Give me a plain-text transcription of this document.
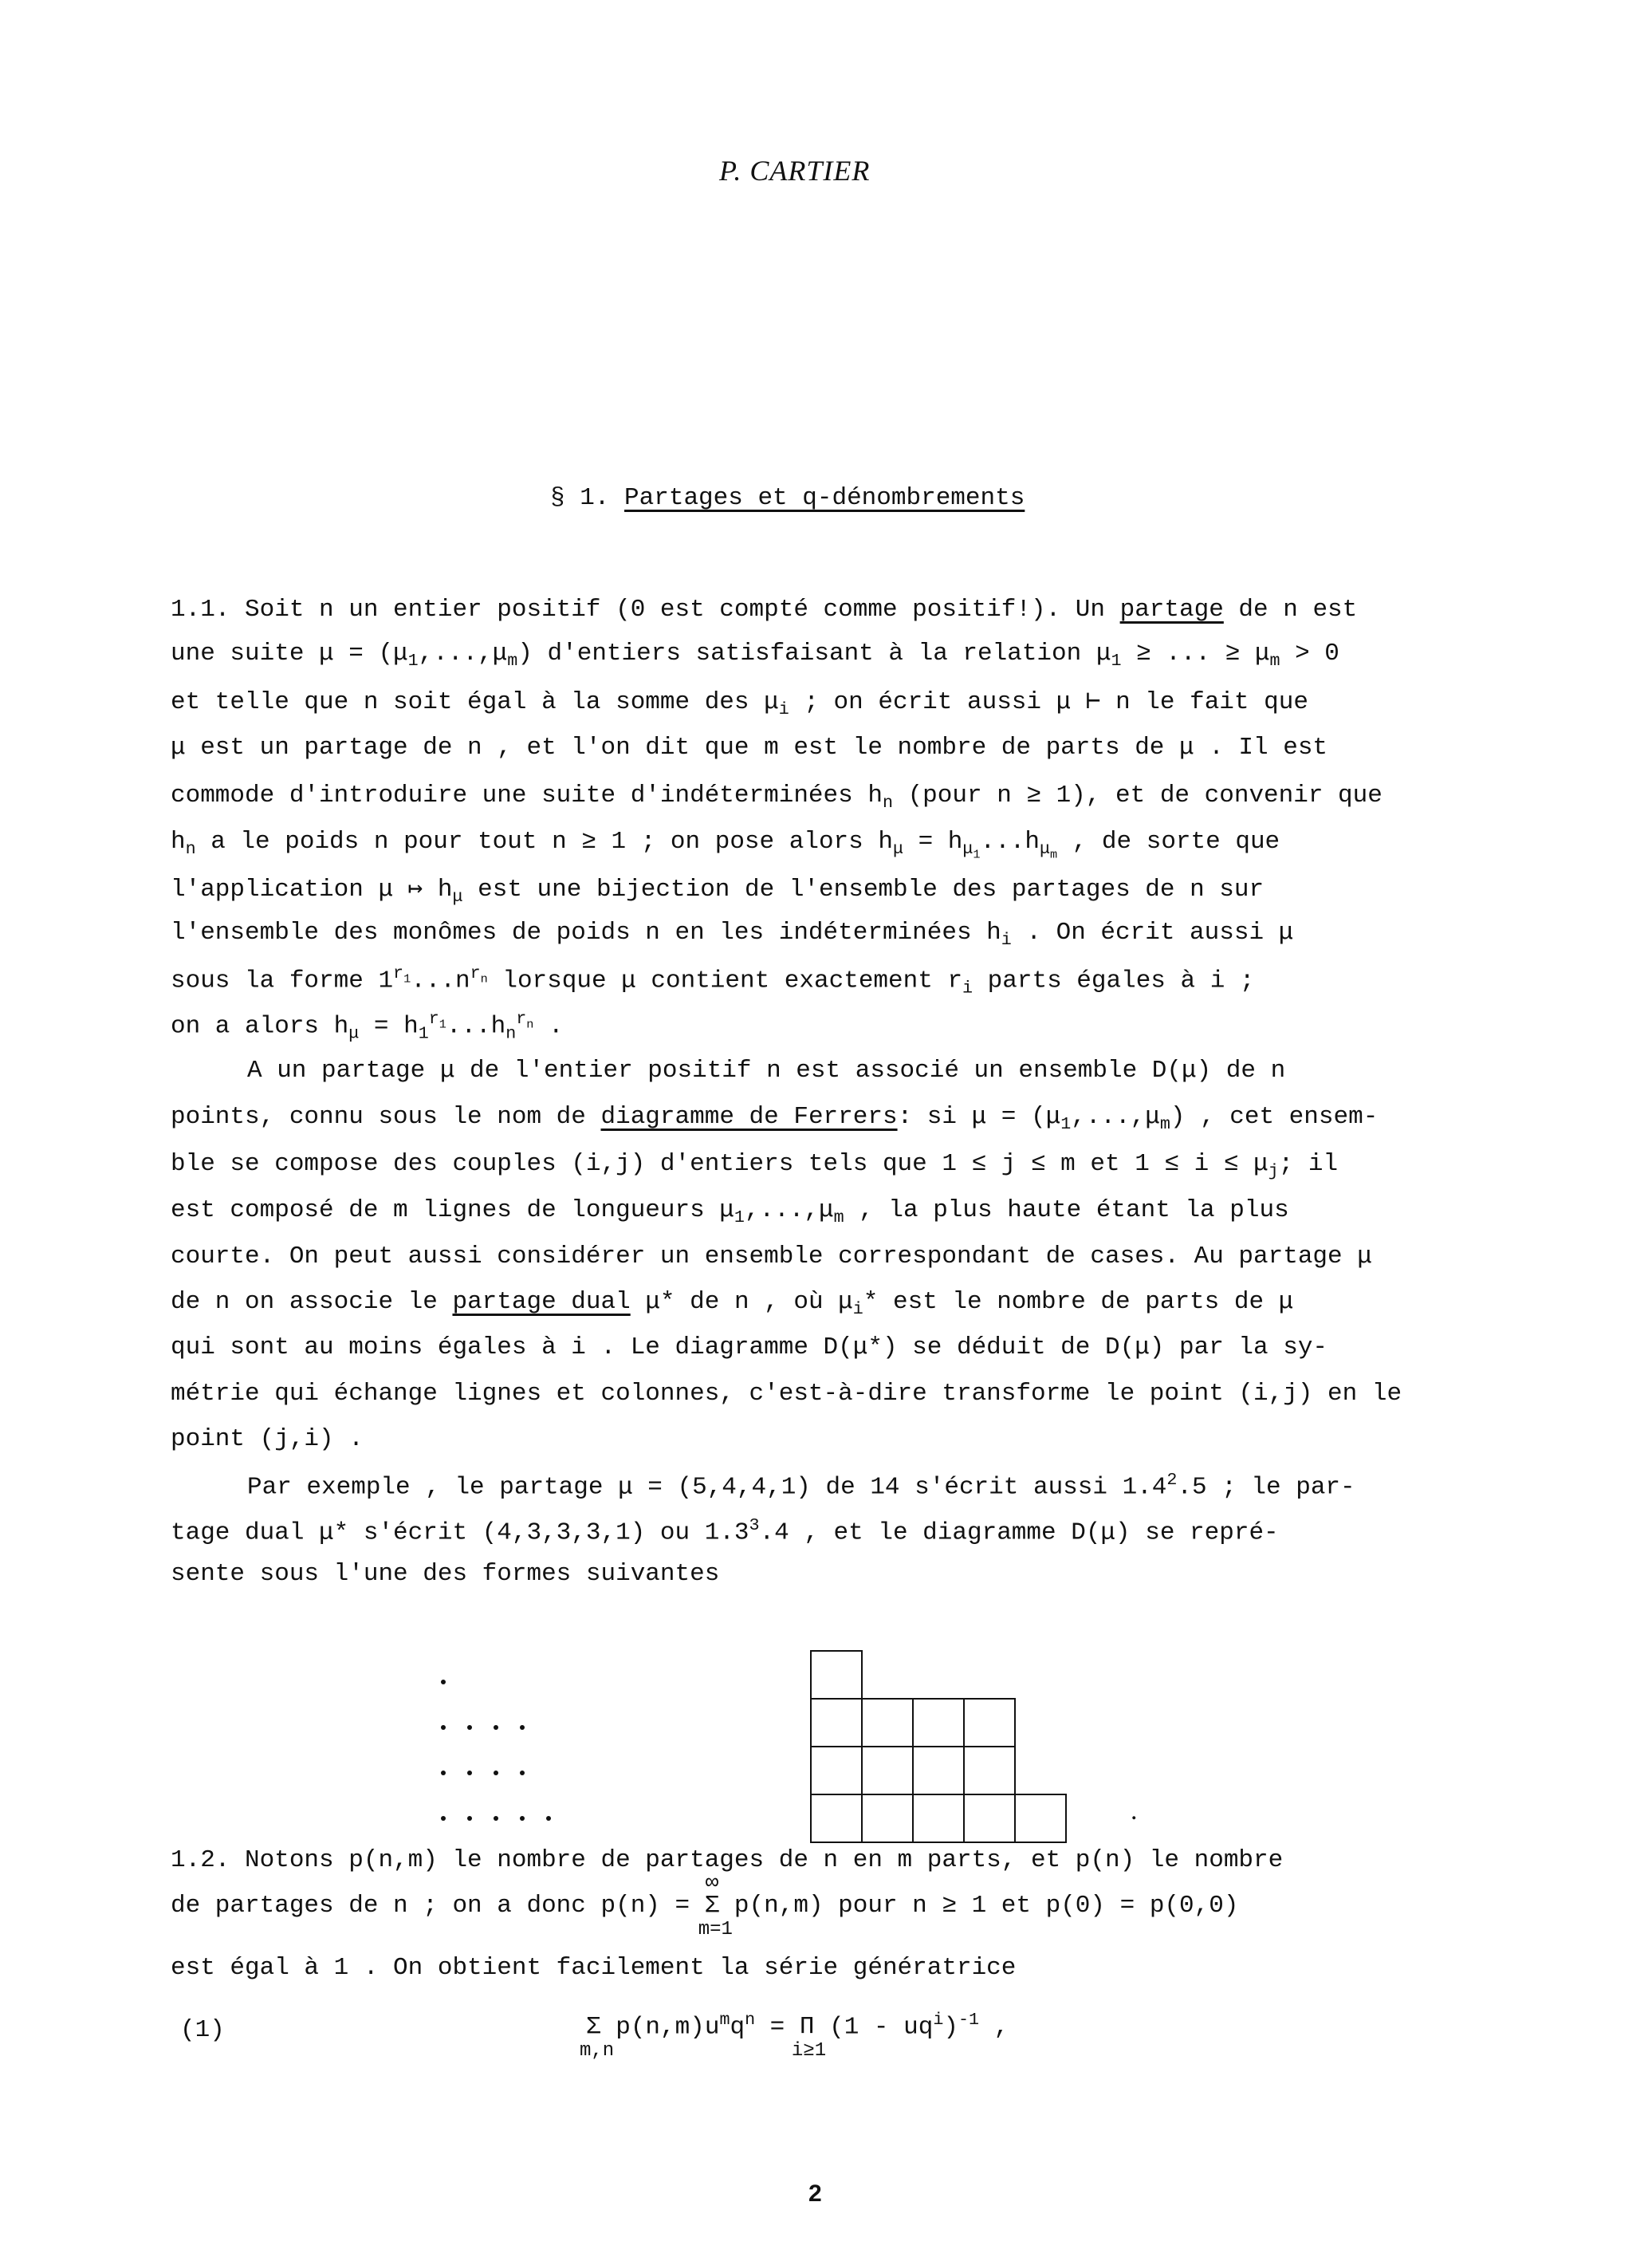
P. CARTIER
§ 1. Partages et q-dénombrements
1.1. Soit n un entier positif (0 est compté comme positif!). Un partage de n est
une suite $\mu = (\mu_1,...,\mu_m)$ d'entiers satisfaisant à la relation $\mu_1$ ≥ ... ≥ $\mu_m > 0$
et telle que n soit égal à la somme des $\mu_i$ ; on écrit aussi μ ⊢ n le fait que
μ est un partage de n , et l'on dit que m est le nombre de parts de μ . Il est
commode d'introduire une suite d'indéterminées $h_n$ (pour n ≥ 1), et de convenir que
$h_n$ a le poids n pour tout n ≥ 1 ; on pose alors $h_\mu = h_{\mu_1}...h_{\mu_m}$ , de sorte que
l'application μ ↦ $h_\mu$ est une bijection de l'ensemble des partages de n sur
l'ensemble des monômes de poids n en les indéterminées $h_i$ . On écrit aussi μ
sous la forme $1^{r_1}...n^{r_n}$ lorsque μ contient exactement $r_i$ parts égales à i ;
on a alors $h_\mu = h_1^{r_1}...h_n^{r_n}$ .
A un partage μ de l'entier positif n est associé un ensemble D(μ) de n
points, connu sous le nom de diagramme de Ferrers: si $\mu = (\mu_1,...,\mu_m)$ , cet ensem-
ble se compose des couples (i,j) d'entiers tels que 1 ≤ j ≤ m et $1 \le i \le \mu_j$; il
est composé de m lignes de longueurs $\mu_1,...,\mu_m$ , la plus haute étant la plus
courte. On peut aussi considérer un ensemble correspondant de cases. Au partage μ
de n on associe le partage dual μ* de n , où $\mu_i*$ est le nombre de parts de μ
qui sont au moins égales à i . Le diagramme D(μ*) se déduit de D(μ) par la sy-
métrie qui échange lignes et colonnes, c'est-à-dire transforme le point (i,j) en le
point (j,i) .
Par exemple , le partage μ = (5,4,4,1) de 14 s'écrit aussi $1.4^2.5$ ; le par-
tage dual μ* s'écrit (4,3,3,3,1) ou $1.3^3.4$ , et le diagramme D(μ) se repré-
sente sous l'une des formes suivantes
.
1.2. Notons p(n,m) le nombre de partages de n en m parts, et p(n) le nombre
de partages de n ; on a donc p(n) =
∞
Σ
m=1
p(n,m) pour n ≥ 1 et p(0) = p(0,0)
est égal à 1 . On obtient facilement la série génératrice
(1)	Σ
m,n
$p(n,m)u^mq^n = \Pi$
i≥1
$(1 - uq^i)^{-1}$ ,
2
